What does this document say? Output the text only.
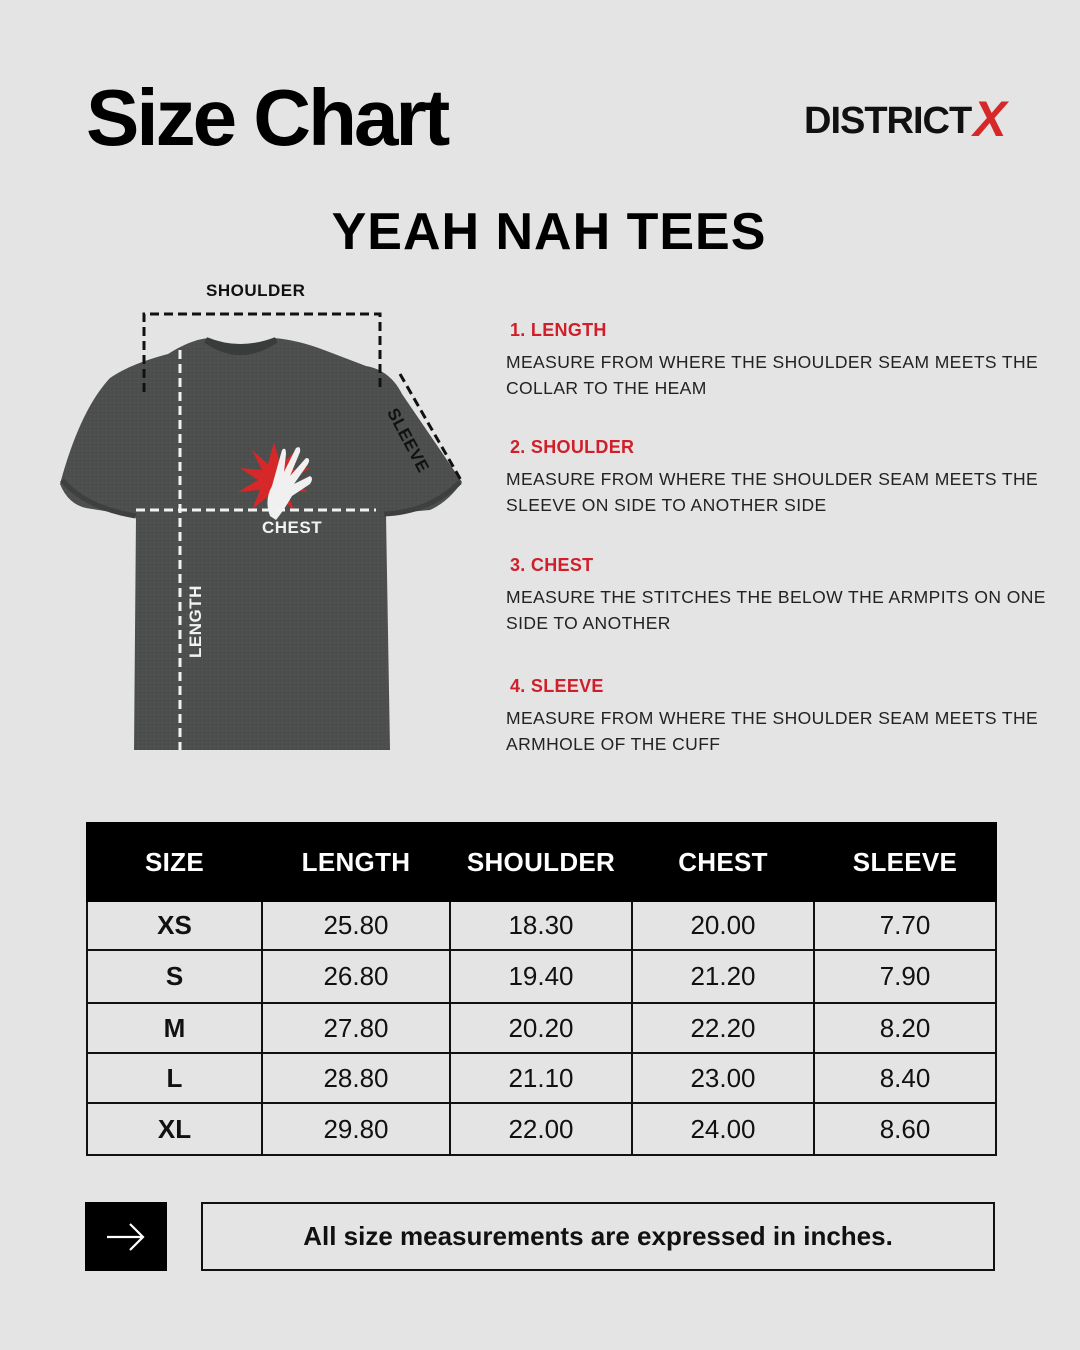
Size Chart	DISTRICT X
YEAH NAH TEES
SHOULDER
SLEEVE
CHEST
LENGTH
1. LENGTH

MEASURE FROM WHERE THE SHOULDER SEAM MEETS THE COLLAR TO THE HEAM

2. SHOULDER

MEASURE FROM WHERE THE SHOULDER SEAM MEETS THE SLEEVE ON SIDE TO ANOTHER SIDE

3. CHEST

MEASURE THE STITCHES THE BELOW THE ARMPITS ON ONE SIDE TO ANOTHER

4. SLEEVE

MEASURE FROM WHERE THE SHOULDER SEAM MEETS THE ARMHOLE OF THE CUFF

SIZE	LENGTH	SHOULDER	CHEST	SLEEVE
XS	25.80	18.30	20.00	7.70
S	26.80	19.40	21.20	7.90
M	27.80	20.20	22.20	8.20
L	28.80	21.10	23.00	8.40
XL	29.80	22.00	24.00	8.60
All size measurements are expressed in inches.
